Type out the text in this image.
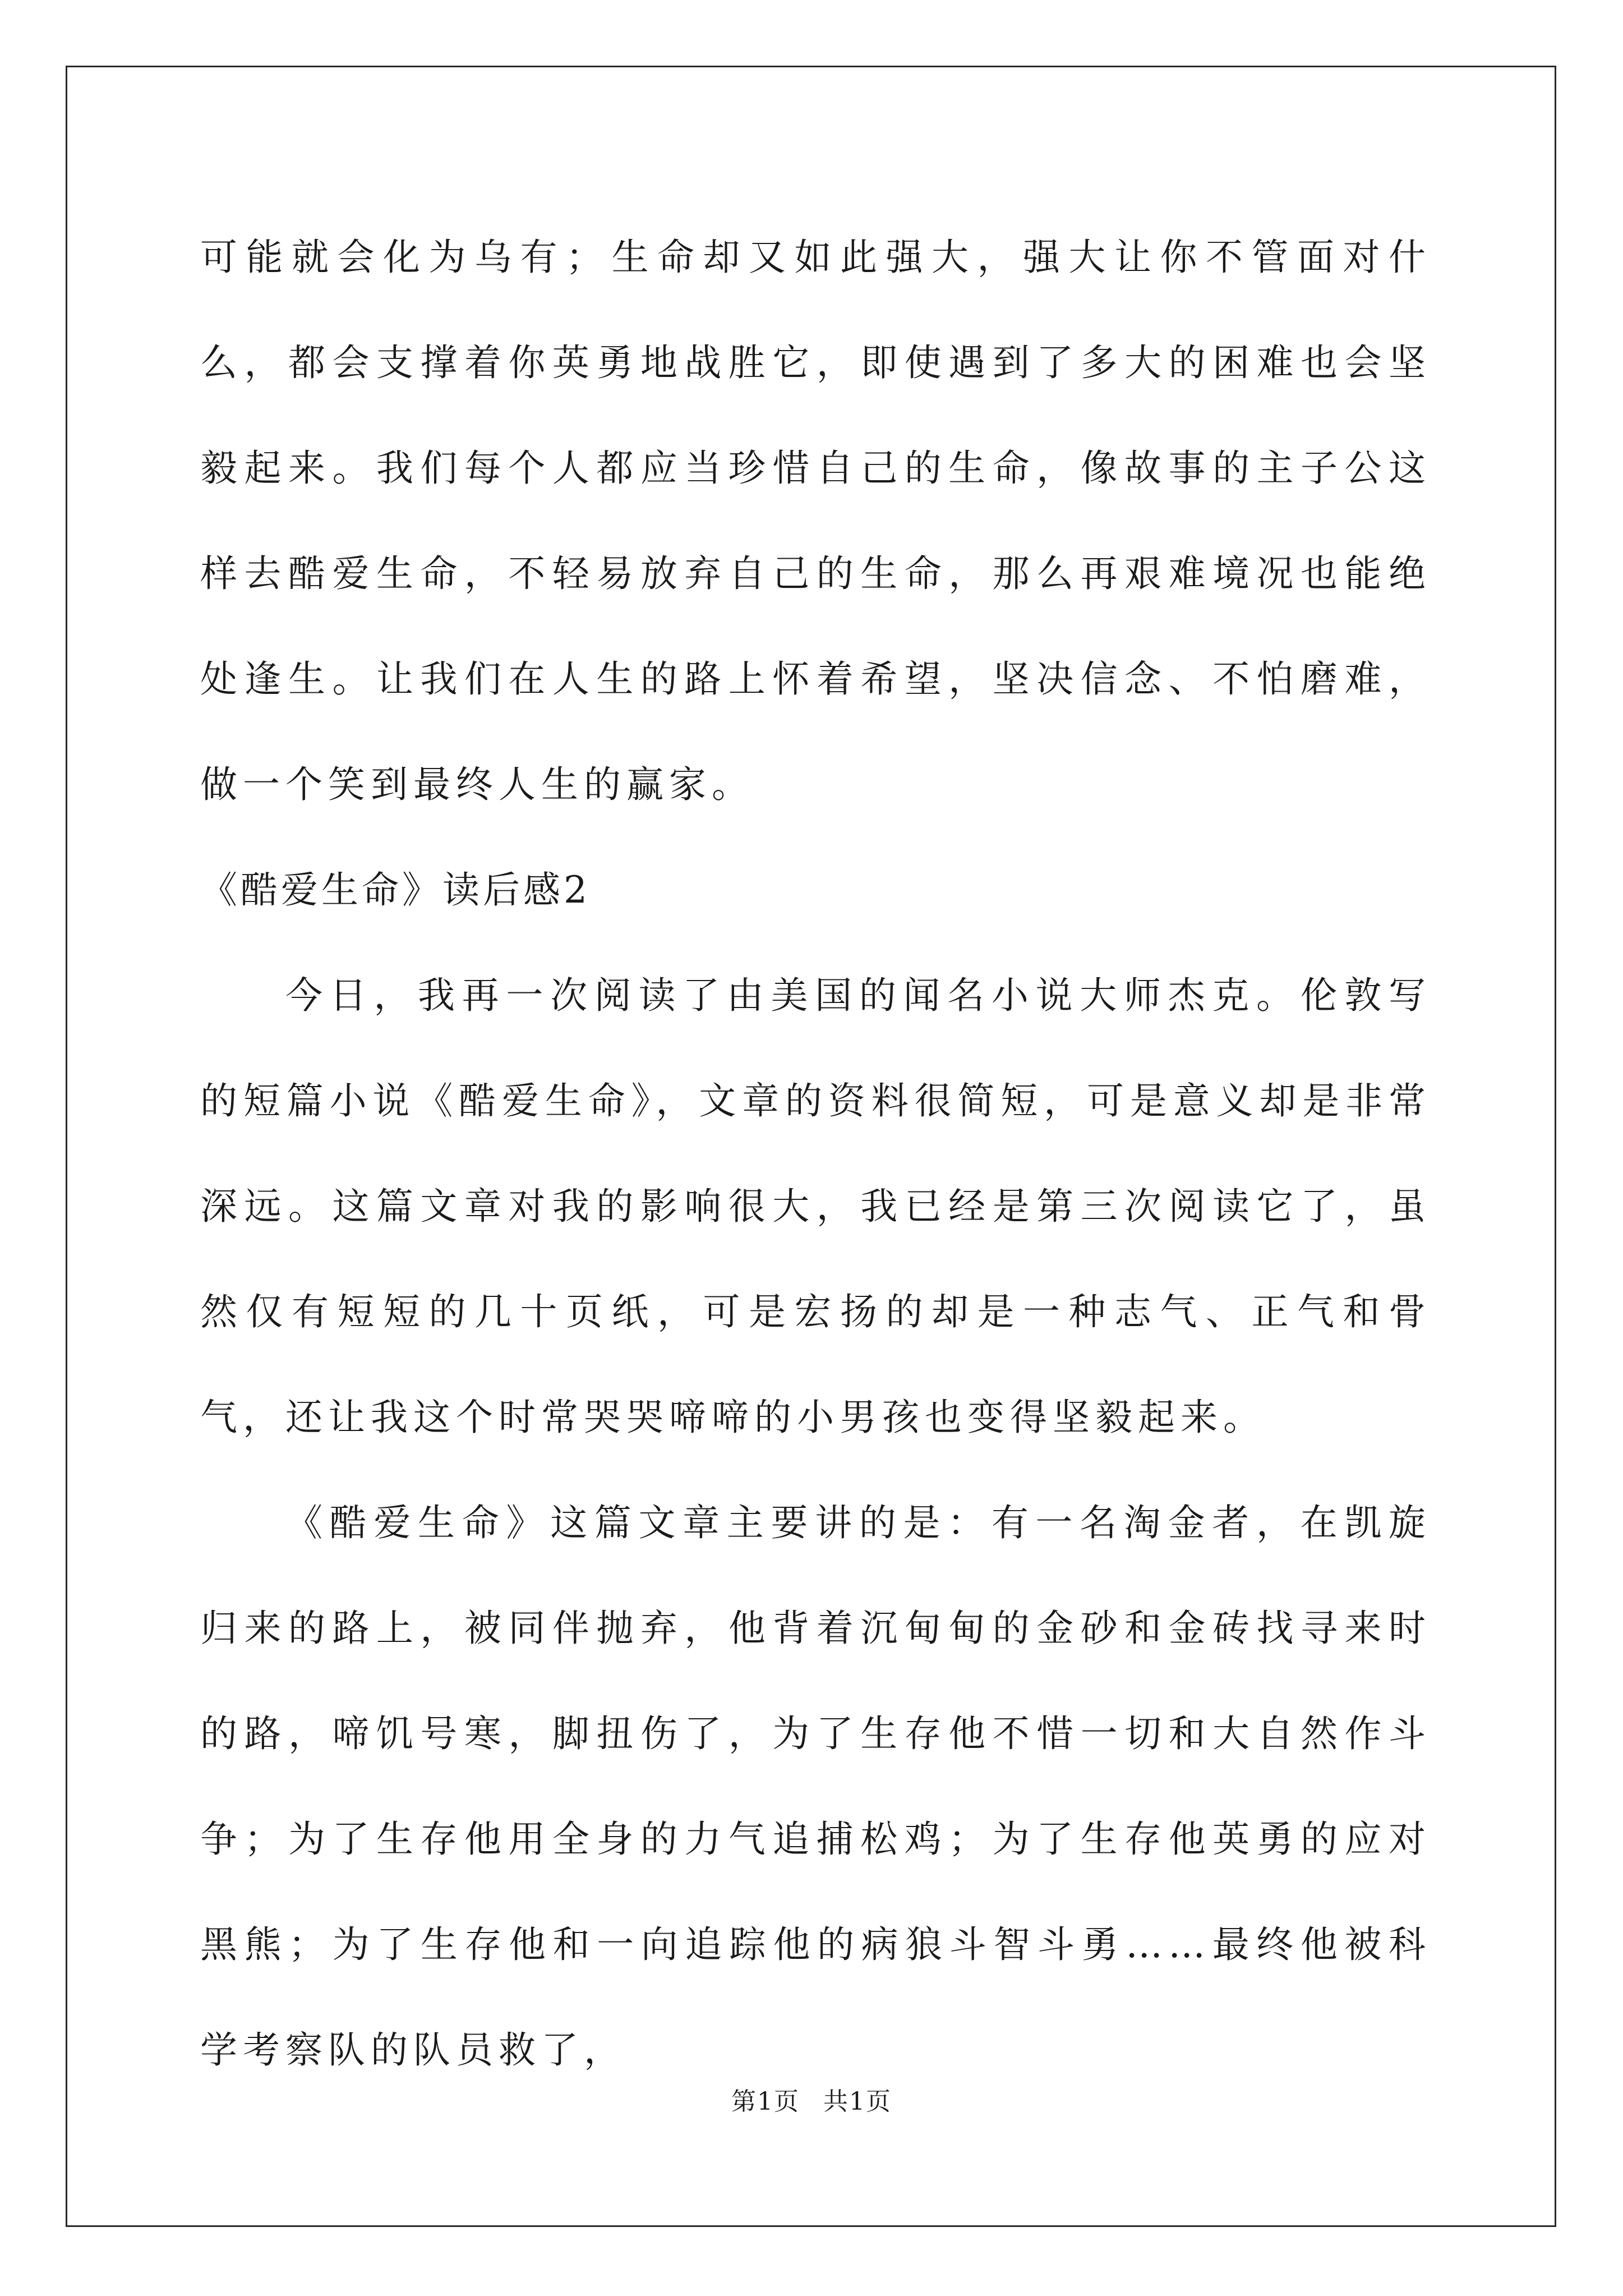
可能就会化为乌有；生命却又如此强大，强大让你不管面对什么，都会支撑着你英勇地战胜它，即使遇到了多大的困难也会坚毅起来。我们每个人都应当珍惜自己的生命，像故事的主子公这样去酷爱生命，不轻易放弃自己的生命，那么再艰难境况也能绝处逢生。让我们在人生的路上怀着希望，坚决信念、不怕磨难，做一个笑到最终人生的赢家。

《酷爱生命》读后感2

今日，我再一次阅读了由美国的闻名小说大师杰克。伦敦写的短篇小说《酷爱生命》，文章的资料很简短，可是意义却是非常深远。这篇文章对我的影响很大，我已经是第三次阅读它了，虽然仅有短短的几十页纸，可是宏扬的却是一种志气、正气和骨气，还让我这个时常哭哭啼啼的小男孩也变得坚毅起来。

《酷爱生命》这篇文章主要讲的是：有一名淘金者，在凯旋归来的路上，被同伴抛弃，他背着沉甸甸的金砂和金砖找寻来时的路，啼饥号寒，脚扭伤了，为了生存他不惜一切和大自然作斗争；为了生存他用全身的力气追捕松鸡；为了生存他英勇的应对黑熊；为了生存他和一向追踪他的病狼斗智斗勇……最终他被科学考察队的队员救了，

第1页 共1页
